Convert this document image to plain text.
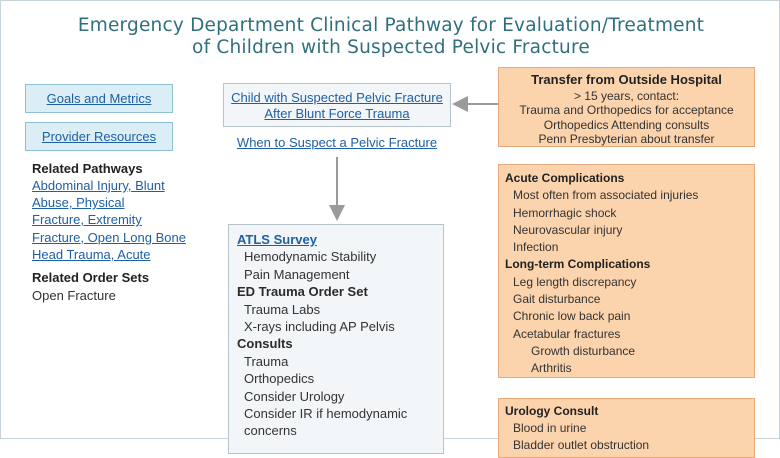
Emergency Department Clinical Pathway for Evaluation/Treatment
of Children with Suspected Pelvic Fracture
Goals and Metrics
Provider Resources
Related Pathways
Abdominal Injury, Blunt
Abuse, Physical
Fracture, Extremity
Fracture, Open Long Bone
Head Trauma, Acute
Related Order Sets
Open Fracture
Child with Suspected Pelvic Fracture
After Blunt Force Trauma
When to Suspect a Pelvic Fracture
ATLS Survey
Hemodynamic Stability
Pain Management
ED Trauma Order Set
Trauma Labs
X-rays including AP Pelvis
Consults
Trauma
Orthopedics
Consider Urology
Consider IR if hemodynamic
concerns
Transfer from Outside Hospital
> 15 years, contact:
Trauma and Orthopedics for acceptance
Orthopedics Attending consults
Penn Presbyterian about transfer
Acute Complications
Most often from associated injuries
Hemorrhagic shock
Neurovascular injury
Infection
Long-term Complications
Leg length discrepancy
Gait disturbance
Chronic low back pain
Acetabular fractures
Growth disturbance
Arthritis
Urology Consult
Blood in urine
Bladder outlet obstruction
